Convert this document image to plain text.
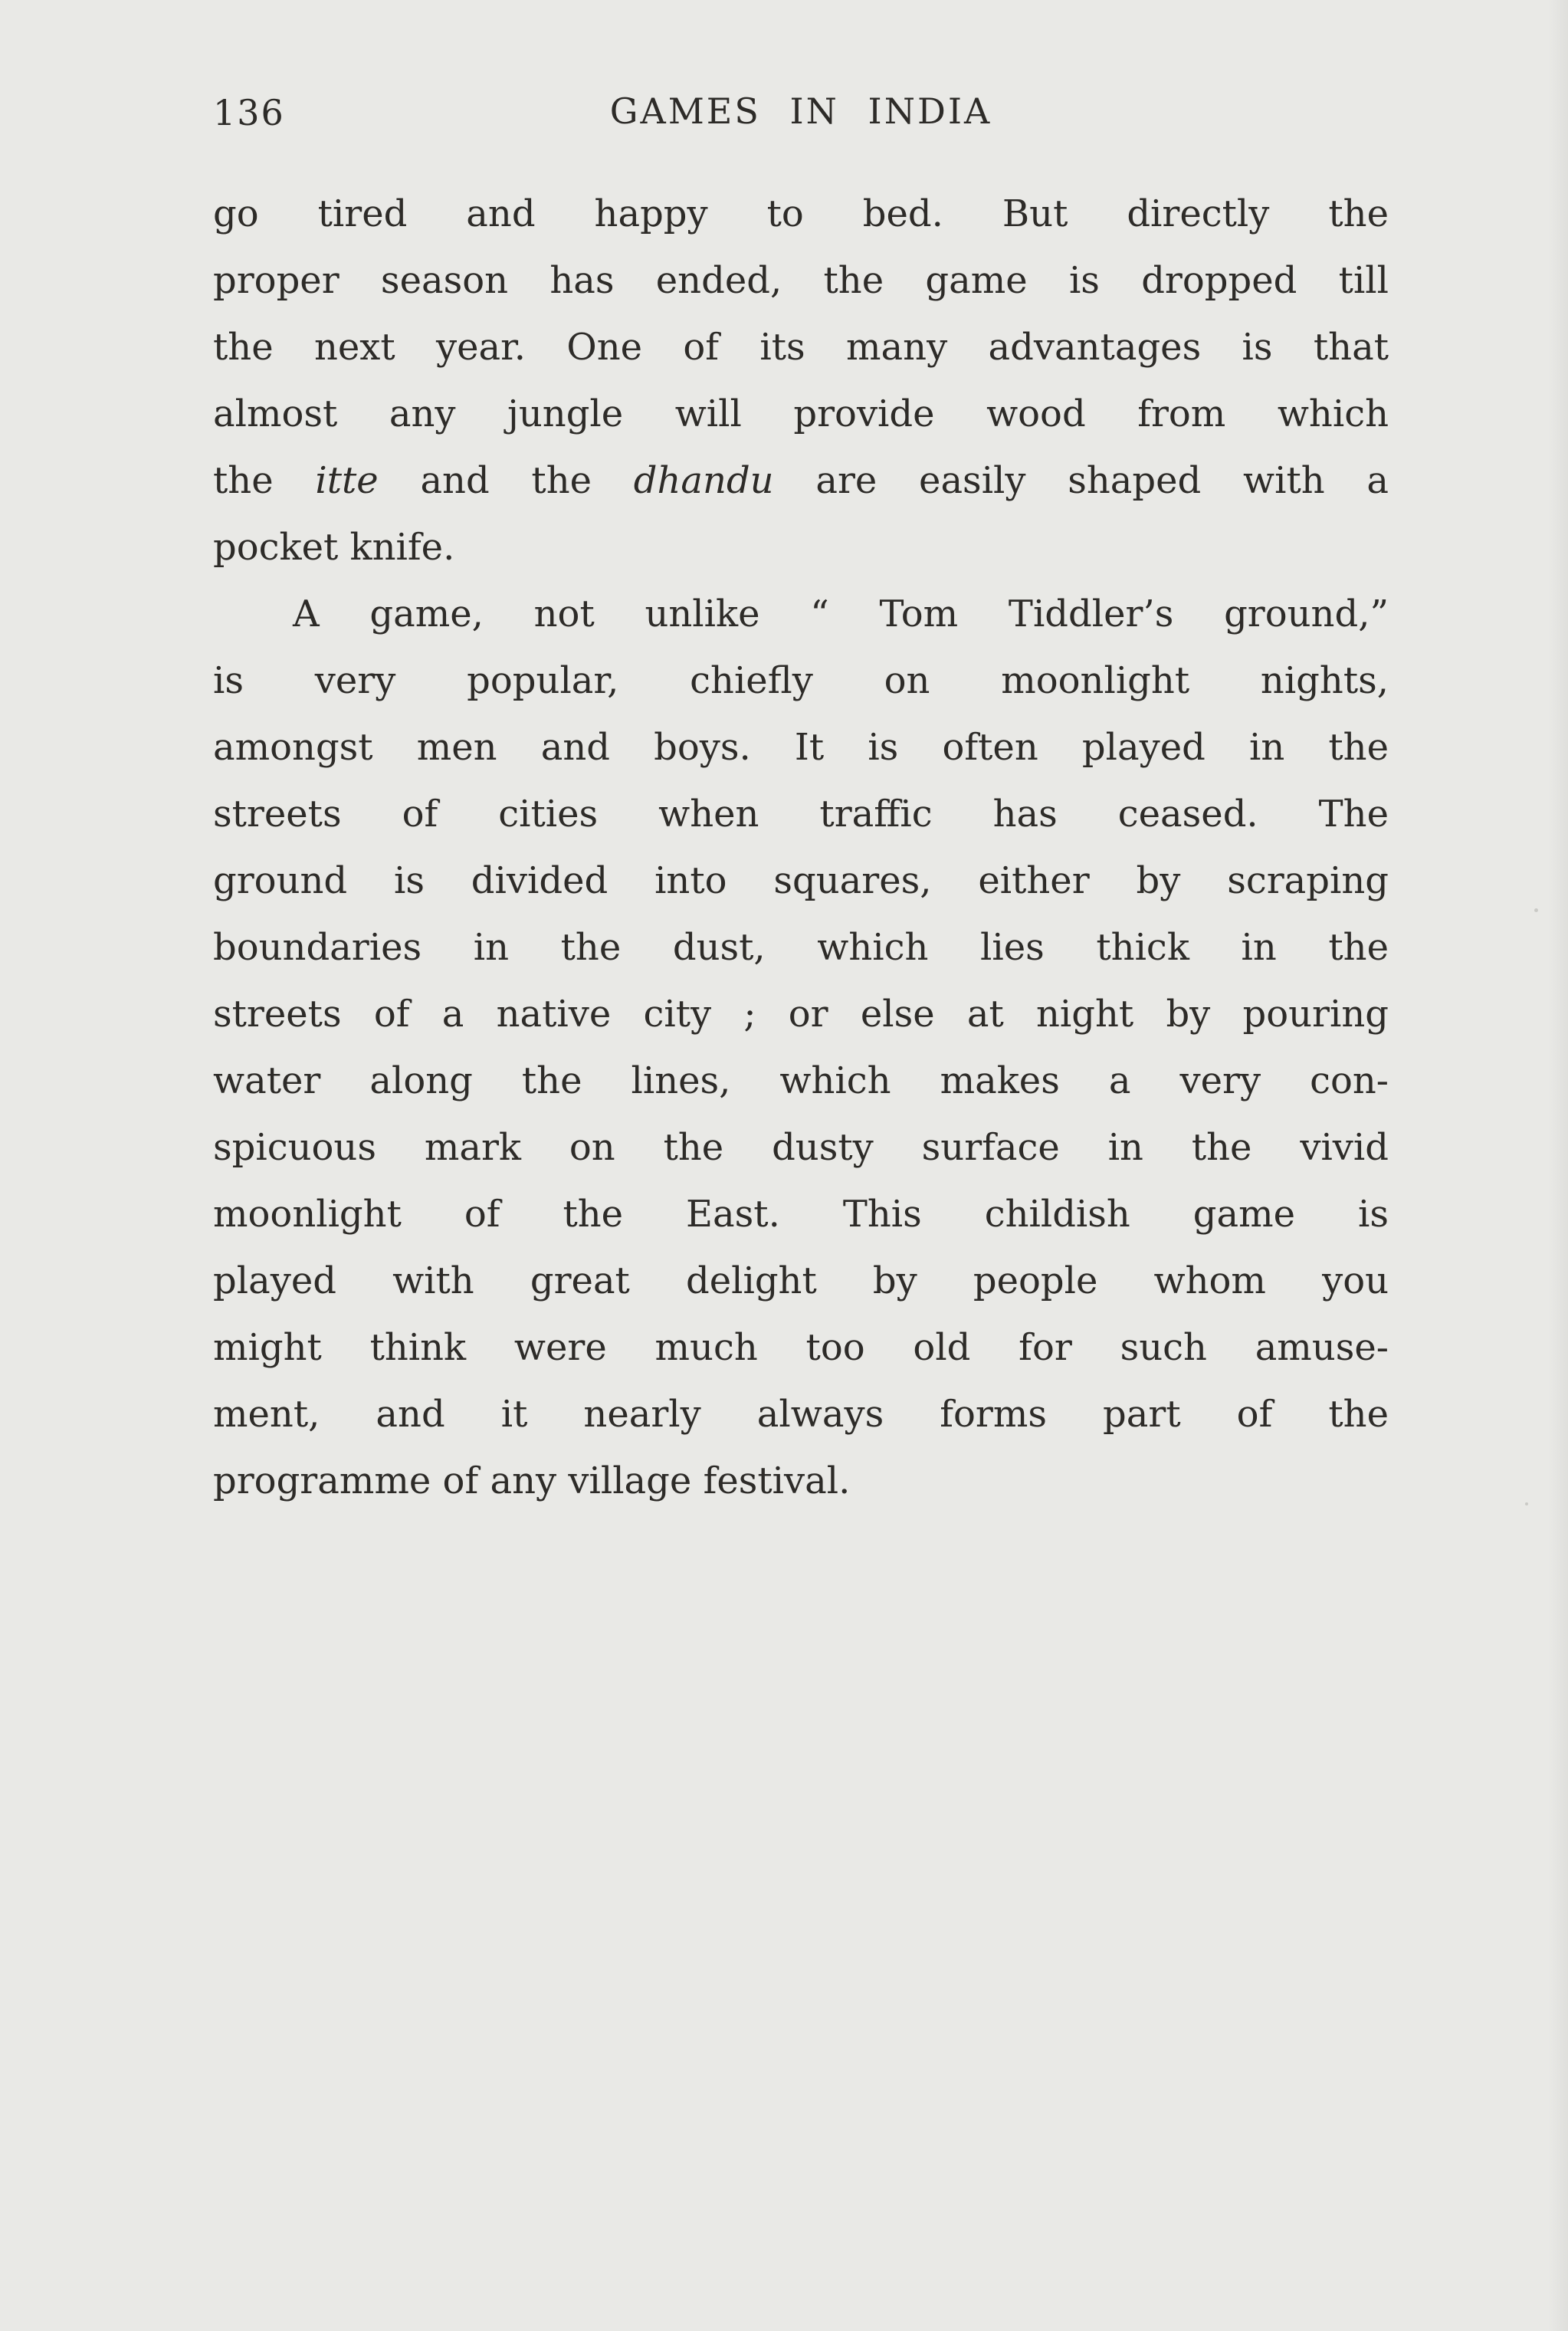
136	GAMES IN INDIA
go tired and happy to bed. But directly the
proper season has ended, the game is dropped till
the next year. One of its many advantages is that
almost any jungle will provide wood from which
the itte and the dhandu are easily shaped with a
pocket knife.
A game, not unlike “ Tom Tiddler’s ground,”
is very popular, chiefly on moonlight nights,
amongst men and boys. It is often played in the
streets of cities when traffic has ceased. The
ground is divided into squares, either by scraping
boundaries in the dust, which lies thick in the
streets of a native city ; or else at night by pouring
water along the lines, which makes a very con-
spicuous mark on the dusty surface in the vivid
moonlight of the East. This childish game is
played with great delight by people whom you
might think were much too old for such amuse-
ment, and it nearly always forms part of the
programme of any village festival.
